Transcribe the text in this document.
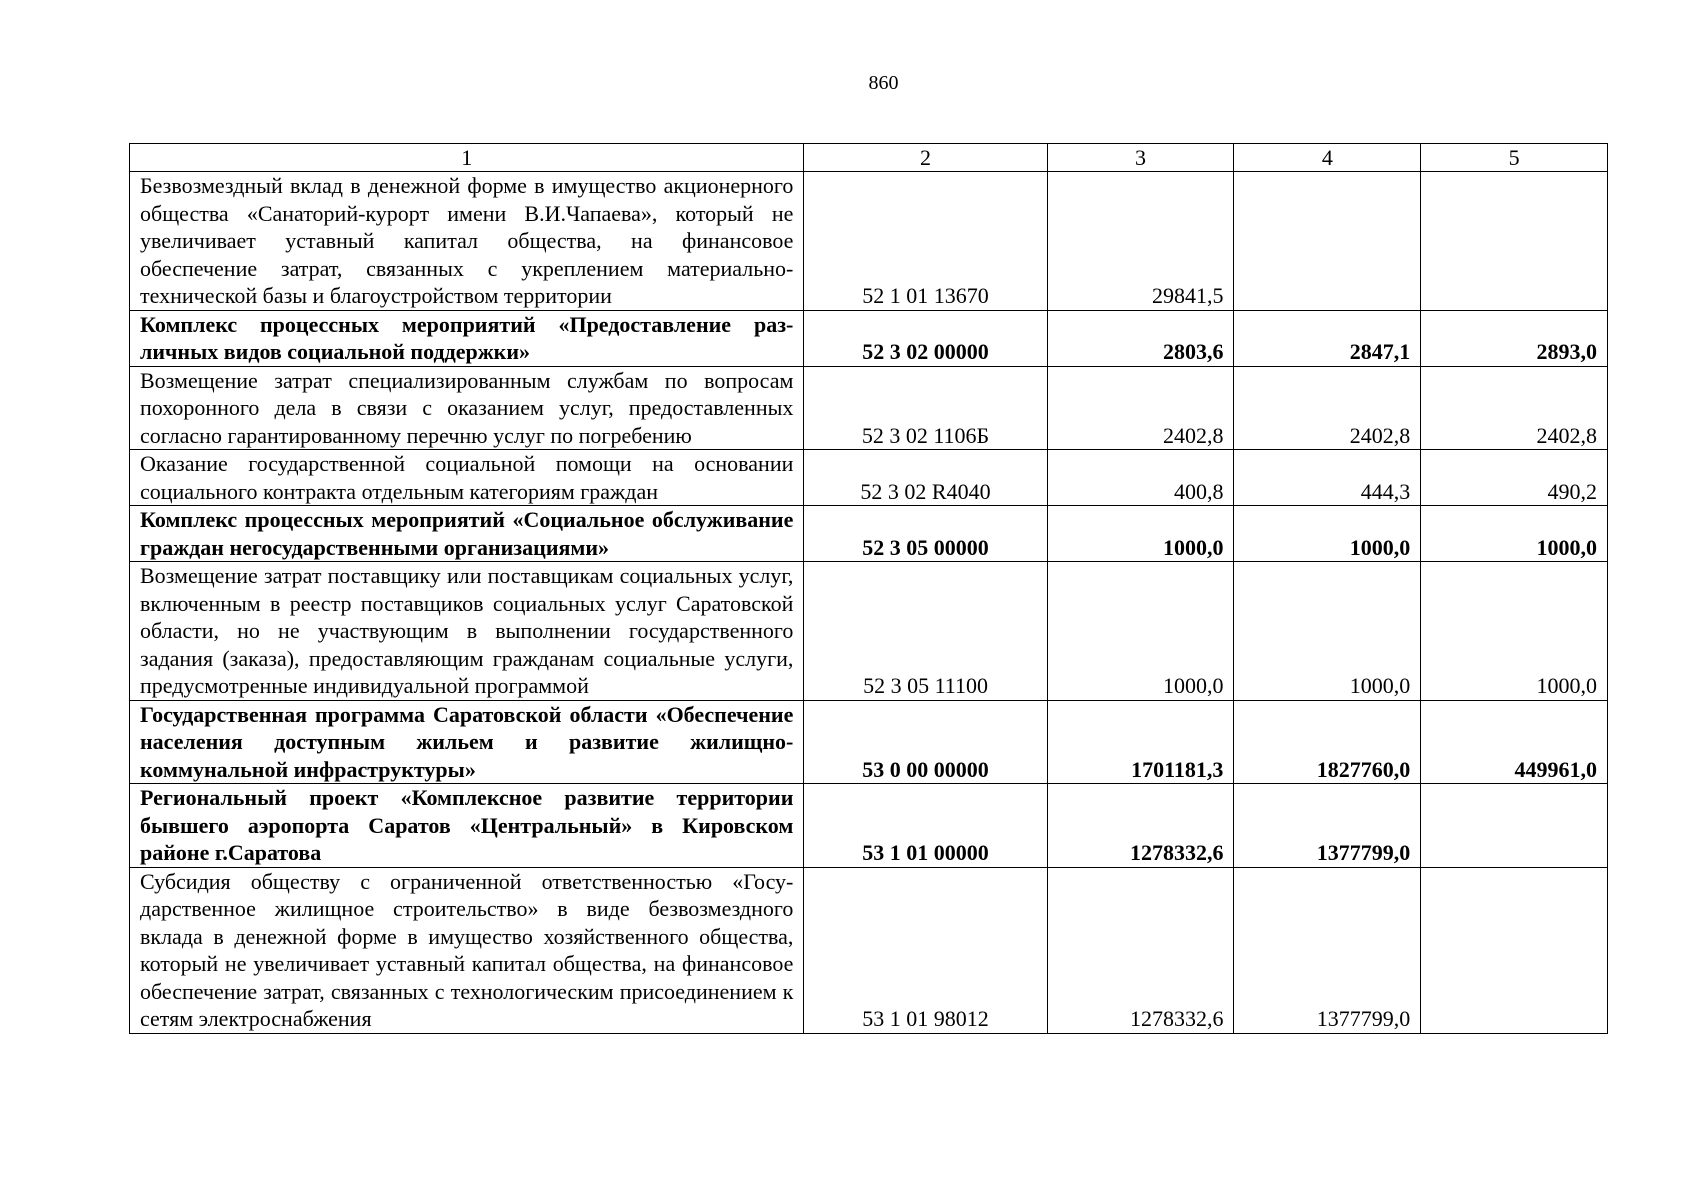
860
1	2	3	4	5
Безвозмездный вклад в денежной форме в имущество акционерного общества «Санаторий-курорт имени В.И.Чапаева», который не увеличивает уставный капитал общества, на финансовое обеспечение затрат, связанных с укреплением материально-технической базы и благоустройством территории	52 1 01 13670	29841,5		
Комплекс процессных мероприятий «Предоставление различных видов социальной поддержки»	52 3 02 00000	2803,6	2847,1	2893,0
Возмещение затрат специализированным службам по вопросам похоронного дела в связи с оказанием услуг, предоставленных согласно гарантированному перечню услуг по погребению	52 3 02 1106Б	2402,8	2402,8	2402,8
Оказание государственной социальной помощи на основании социального контракта отдельным категориям граждан	52 3 02 R4040	400,8	444,3	490,2
Комплекс процессных мероприятий «Социальное обслуживание граждан негосударственными организациями»	52 3 05 00000	1000,0	1000,0	1000,0
Возмещение затрат поставщику или поставщикам социальных услуг, включенным в реестр поставщиков социальных услуг Саратовской области, но не участвующим в выполнении государственного задания (заказа), предоставляющим гражданам социальные услуги, предусмотренные индивидуальной программой	52 3 05 11100	1000,0	1000,0	1000,0
Государственная программа Саратовской области «Обеспечение населения доступным жильем и развитие жилищно-коммунальной инфраструктуры»	53 0 00 00000	1701181,3	1827760,0	449961,0
Региональный проект «Комплексное развитие территории бывшего аэропорта Саратов «Центральный» в Кировском районе г.Саратова	53 1 01 00000	1278332,6	1377799,0	
Субсидия обществу с ограниченной ответственностью «Государственное жилищное строительство» в виде безвозмездного вклада в денежной форме в имущество хозяйственного общества, который не увеличивает уставный капитал общества, на финансовое обеспечение затрат, связанных с технологическим присоединением к сетям электроснабжения	53 1 01 98012	1278332,6	1377799,0	
